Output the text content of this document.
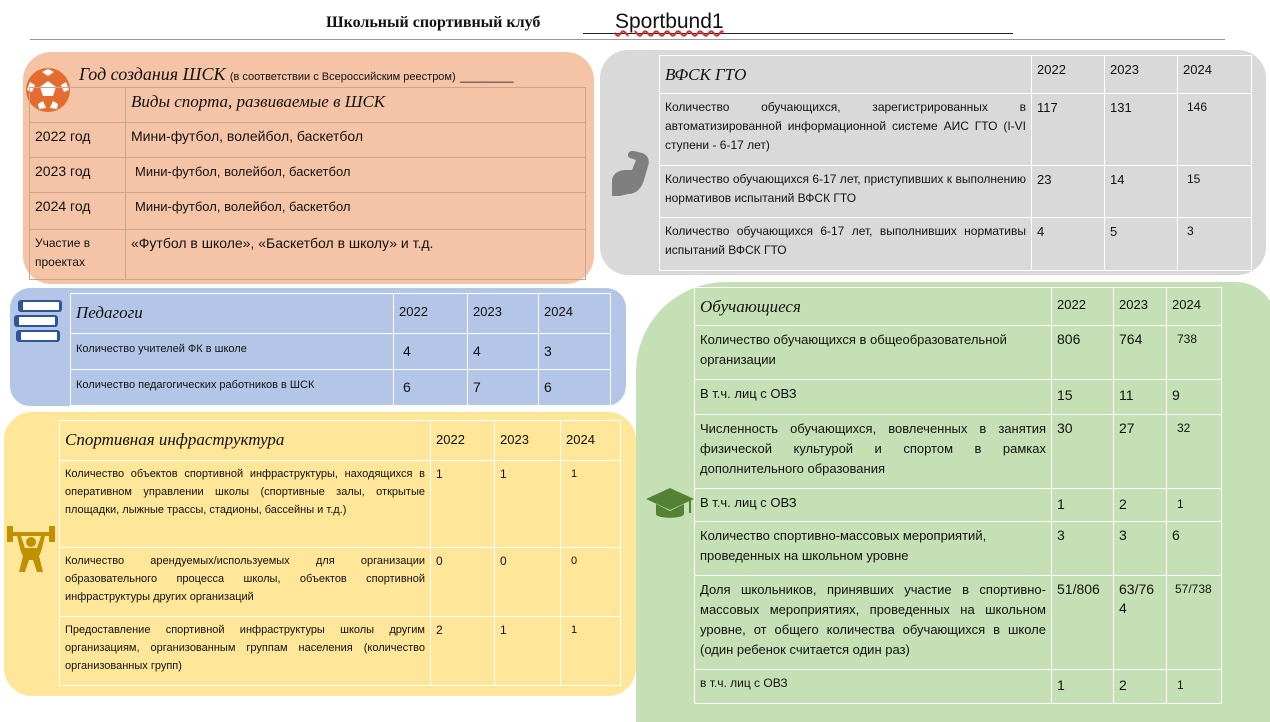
Школьный спортивный клуб	Sportbund1
Год создания ШСК (в соответствии с Всероссийским реестром) ________
	Виды спорта, развиваемые в ШСК
2022 год	Мини-футбол, волейбол, баскетбол
2023 год	Мини-футбол, волейбол, баскетбол
2024 год	Мини-футбол, волейбол, баскетбол
Участие в проектах	«Футбол в школе», «Баскетбол в школу» и т.д.
ВФСК ГТО	2022	2023	2024
Количество обучающихся, зарегистрированных в автоматизированной информационной системе АИС ГТО (I-VI ступени - 6-17 лет)	117	131	146
Количество обучающихся 6-17 лет, приступивших к выполнению нормативов испытаний ВФСК ГТО	23	14	15
Количество обучающихся 6-17 лет, выполнивших нормативы испытаний ВФСК ГТО	4	5	3
Педагоги	2022	2023	2024
Количество учителей ФК в школе	4	4	3
Количество педагогических работников в ШСК	6	7	6
Спортивная инфраструктура	2022	2023	2024
Количество объектов спортивной инфраструктуры, находящихся в оперативном управлении школы (спортивные залы, открытые площадки, лыжные трассы, стадионы, бассейны и т.д.)	1	1	1
Количество арендуемых/используемых для организации образовательного процесса школы, объектов спортивной инфраструктуры других организаций	0	0	0
Предоставление спортивной инфраструктуры школы другим организациям, организованным группам населения (количество организованных групп)	2	1	1
Обучающиеся	2022	2023	2024
Количество обучающихся в общеобразовательной организации	806	764	738
В т.ч. лиц с ОВЗ	15	11	9
Численность обучающихся, вовлеченных в занятия физической культурой и спортом в рамках дополнительного образования	30	27	32
В т.ч. лиц с ОВЗ	1	2	1
Количество спортивно-массовых мероприятий, проведенных на школьном уровне	3	3	6
Доля школьников, принявших участие в спортивно-массовых мероприятиях, проведенных на школьном уровне, от общего количества обучающихся в школе (один ребенок считается один раз)	51/806	63/764	57/738
в т.ч. лиц с ОВЗ	1	2	1
